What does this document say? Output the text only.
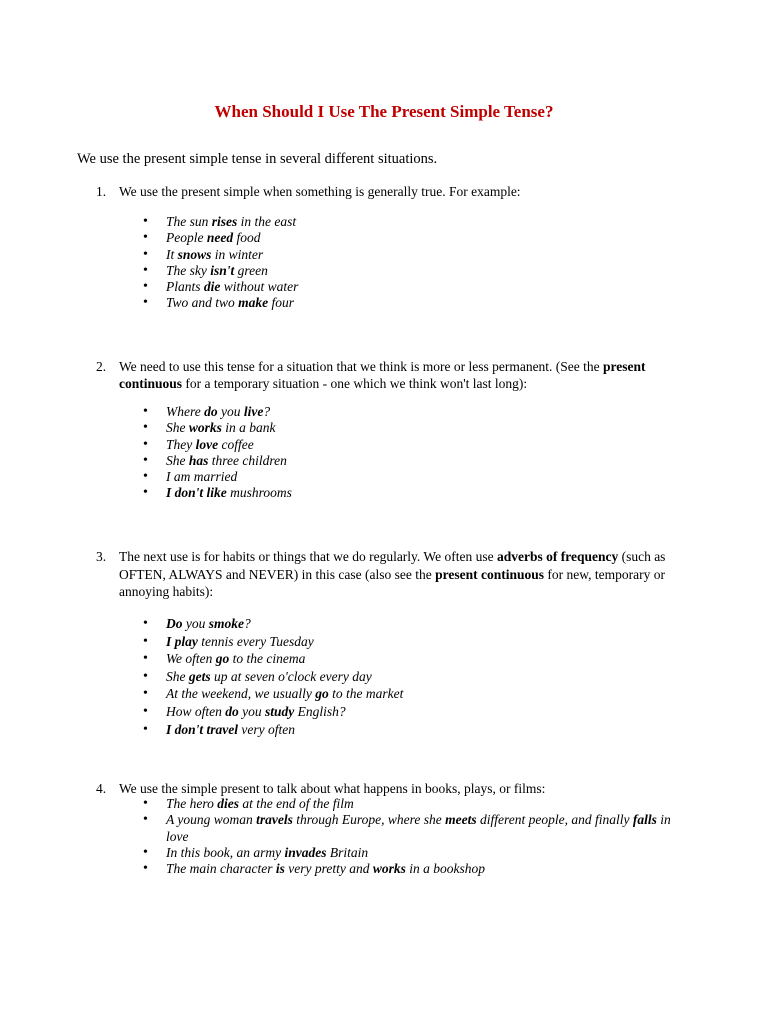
When Should I Use The Present Simple Tense?
We use the present simple tense in several different situations.
1. We use the present simple when something is generally true. For example:
• The sun rises in the east
• People need food
• It snows in winter
• The sky isn't green
• Plants die without water
• Two and two make four
2. We need to use this tense for a situation that we think is more or less permanent. (See the present continuous for a temporary situation - one which we think won't last long):
• Where do you live?
• She works in a bank
• They love coffee
• She has three children
• I am married
• I don't like mushrooms
3. The next use is for habits or things that we do regularly. We often use adverbs of frequency (such as OFTEN, ALWAYS and NEVER) in this case (also see the present continuous for new, temporary or annoying habits):
• Do you smoke?
• I play tennis every Tuesday
• We often go to the cinema
• She gets up at seven o'clock every day
• At the weekend, we usually go to the market
• How often do you study English?
• I don't travel very often
4. We use the simple present to talk about what happens in books, plays, or films:
• The hero dies at the end of the film
• A young woman travels through Europe, where she meets different people, and finally falls in love
• In this book, an army invades Britain
• The main character is very pretty and works in a bookshop
